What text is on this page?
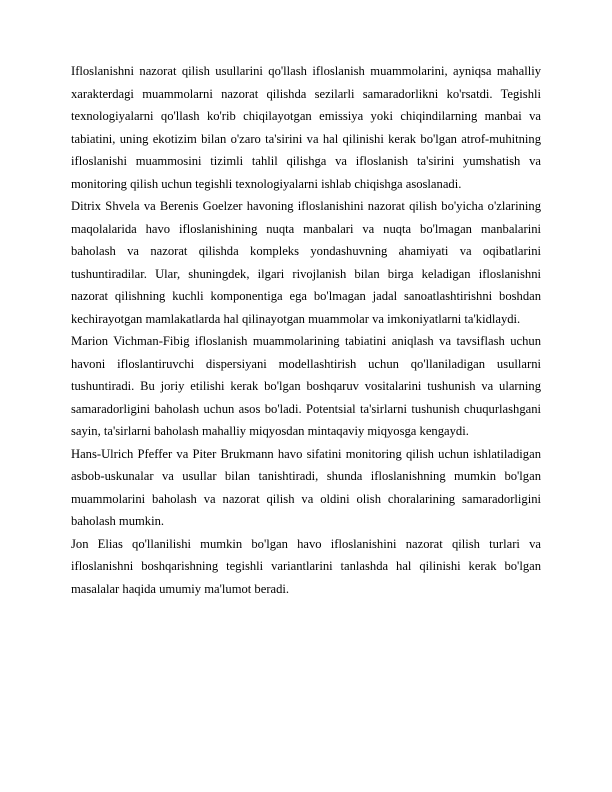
Ifloslanishni nazorat qilish usullarini qo'llash ifloslanish muammolarini, ayniqsa mahalliy xarakterdagi muammolarni nazorat qilishda sezilarli samaradorlikni ko'rsatdi. Tegishli texnologiyalarni qo'llash ko'rib chiqilayotgan emissiya yoki chiqindilarning manbai va tabiatini, uning ekotizim bilan o'zaro ta'sirini va hal qilinishi kerak bo'lgan atrof-muhitning ifloslanishi muammosini tizimli tahlil qilishga va ifloslanish ta'sirini yumshatish va monitoring qilish uchun tegishli texnologiyalarni ishlab chiqishga asoslanadi.

Ditrix Shvela va Berenis Goelzer havoning ifloslanishini nazorat qilish bo'yicha o'zlarining maqolalarida havo ifloslanishining nuqta manbalari va nuqta bo'lmagan manbalarini baholash va nazorat qilishda kompleks yondashuvning ahamiyati va oqibatlarini tushuntiradilar. Ular, shuningdek, ilgari rivojlanish bilan birga keladigan ifloslanishni nazorat qilishning kuchli komponentiga ega bo'lmagan jadal sanoatlashtirishni boshdan kechirayotgan mamlakatlarda hal qilinayotgan muammolar va imkoniyatlarni ta'kidlaydi.

Marion Vichman-Fibig ifloslanish muammolarining tabiatini aniqlash va tavsiflash uchun havoni ifloslantiruvchi dispersiyani modellashtirish uchun qo'llaniladigan usullarni tushuntiradi. Bu joriy etilishi kerak bo'lgan boshqaruv vositalarini tushunish va ularning samaradorligini baholash uchun asos bo'ladi. Potentsial ta'sirlarni tushunish chuqurlashgani sayin, ta'sirlarni baholash mahalliy miqyosdan mintaqaviy miqyosga kengaydi.

Hans-Ulrich Pfeffer va Piter Brukmann havo sifatini monitoring qilish uchun ishlatiladigan asbob-uskunalar va usullar bilan tanishtiradi, shunda ifloslanishning mumkin bo'lgan muammolarini baholash va nazorat qilish va oldini olish choralarining samaradorligini baholash mumkin.

Jon Elias qo'llanilishi mumkin bo'lgan havo ifloslanishini nazorat qilish turlari va ifloslanishni boshqarishning tegishli variantlarini tanlashda hal qilinishi kerak bo'lgan masalalar haqida umumiy ma'lumot beradi.
